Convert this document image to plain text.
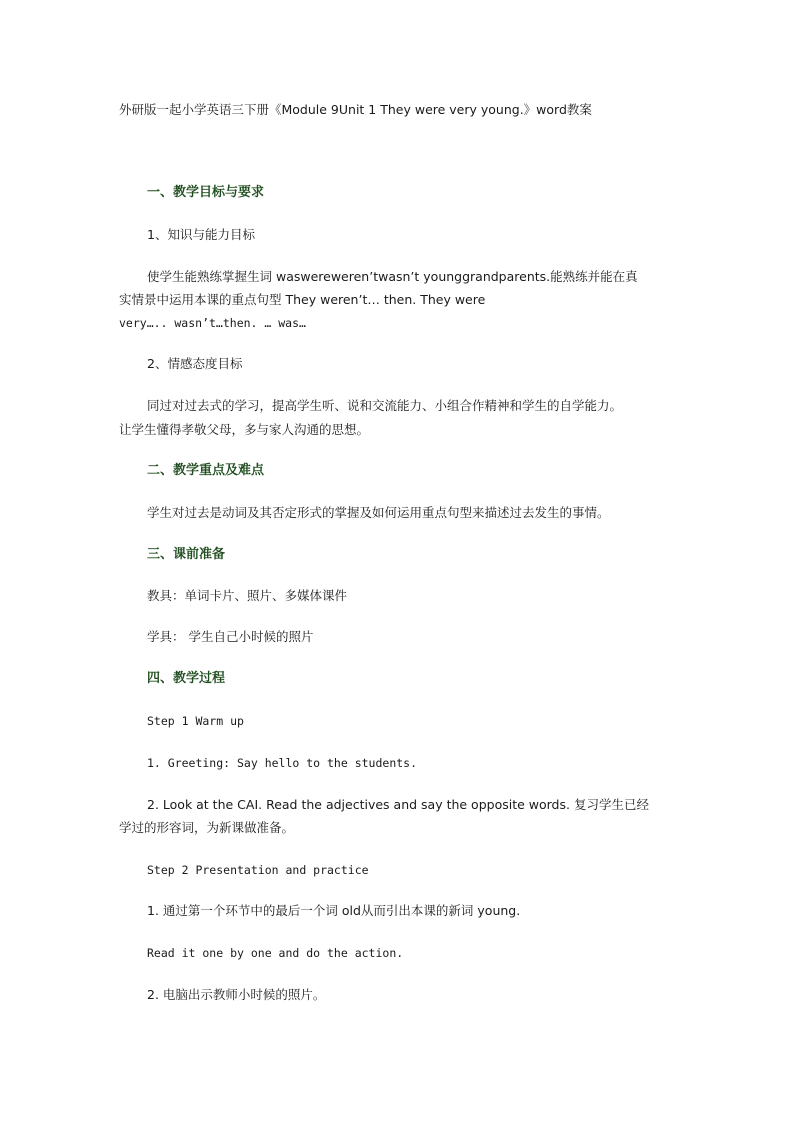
外研版一起小学英语三下册《Module 9Unit 1 They were very young.》word教案

一、教学目标与要求

1、知识与能力目标

使学生能熟练掌握生词 waswereweren’twasn’t younggrandparents.能熟练并能在真

实情景中运用本课的重点句型 They weren’t… then. They were

very….. wasn’t…then. … was…

2、情感态度目标

同过对过去式的学习，提高学生听、说和交流能力、小组合作精神和学生的自学能力。

让学生懂得孝敬父母，多与家人沟通的思想。

二、教学重点及难点

学生对过去是动词及其否定形式的掌握及如何运用重点句型来描述过去发生的事情。

三、课前准备

教具：单词卡片、照片、多媒体课件

学具： 学生自己小时候的照片

四、教学过程

Step 1 Warm up

1. Greeting: Say hello to the students.

2. Look at the CAI. Read the adjectives and say the opposite words. 复习学生已经

学过的形容词，为新课做准备。

Step 2 Presentation and practice

1. 通过第一个环节中的最后一个词 old从而引出本课的新词 young.

Read it one by one and do the action.

2. 电脑出示教师小时候的照片。
